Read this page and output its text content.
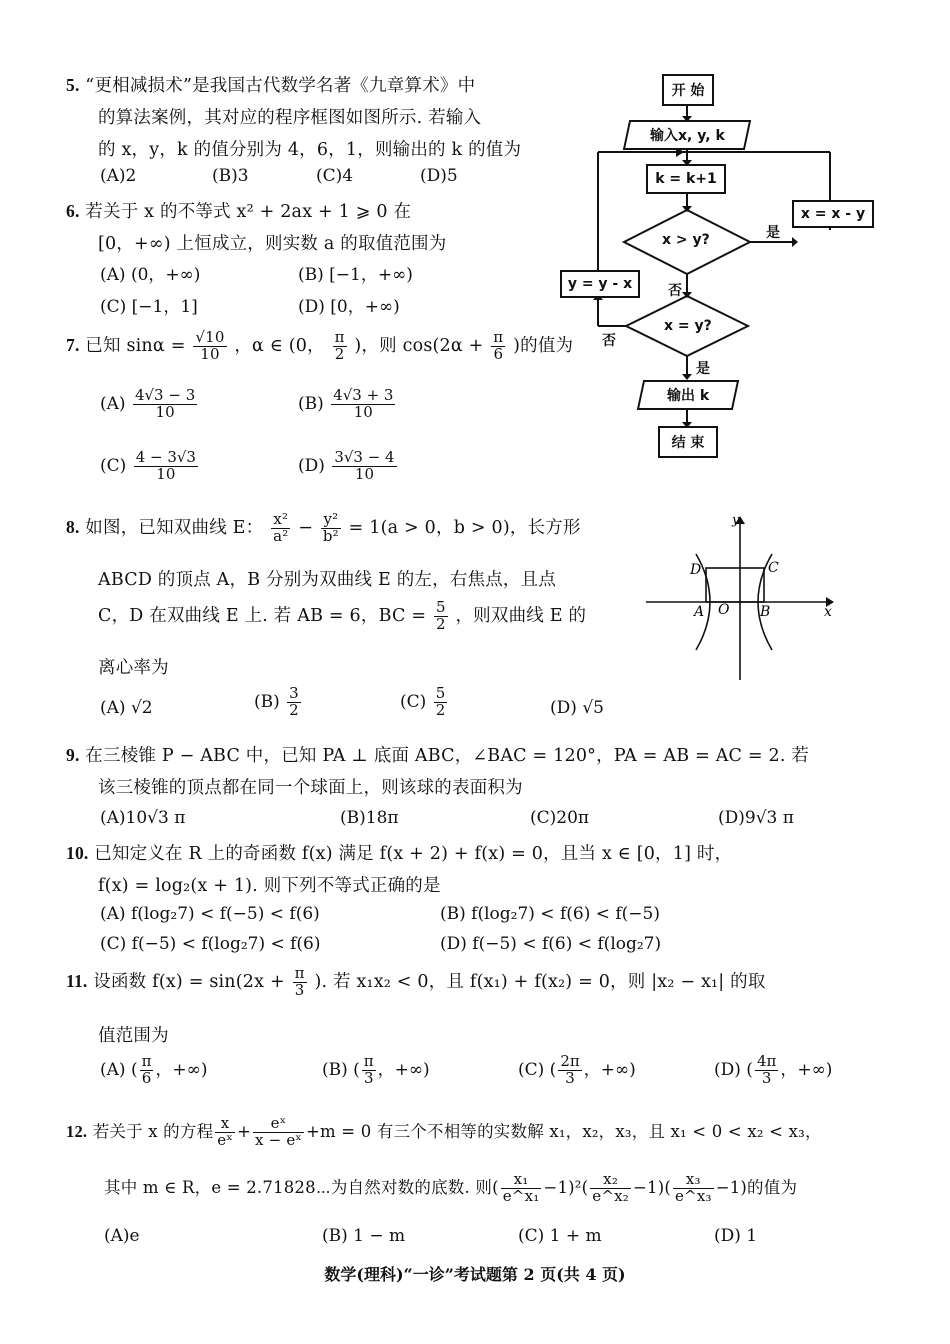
5. “更相减损术”是我国古代数学名著《九章算术》中
的算法案例，其对应的程序框图如图所示. 若输入
的 x，y，k 的值分别为 4，6，1，则输出的 k 的值为
(A)2	(B)3	(C)4	(D)5
开 始
输入x, y, k
k = k+1
x > y?
x = x - y
是
y = y - x	否
x = y?
否
是
输出 k
结 束
6. 若关于 x 的不等式 x² + 2ax + 1 ⩾ 0 在
[0，+∞) 上恒成立，则实数 a 的取值范围为
(A) (0，+∞)	(B) [−1，+∞)
(C) [−1，1]	(D) [0，+∞)
7. 已知 $\sin\alpha = \frac{√10}{10}$ ，α ∈ (0， $\frac{\pi}{2}$ )，则 $\cos(2\alpha + \frac{\pi}{6}$ )的值为
$(A) \frac{4√3 - 3}{10}$	$(B) \frac{4√3 + 3}{10}$
$(C) \frac{4 - 3√3}{10}$	$(D) \frac{3√3 - 4}{10}$
8. 如图，已知双曲线 E： $\frac{\text{x²}}{\text{a²}} - \frac{\text{y²}}{\text{b²}} = 1(a > 0$，b > 0)，长方形
ABCD 的顶点 A，B 分别为双曲线 E 的左，右焦点，且点
C，D 在双曲线 E 上. 若 AB = 6，BC = $\frac{5}{2}$ ，则双曲线 E 的
离心率为
(A) √2	$(B) \frac{3}{2}$	$(C) \frac{5}{2}$	(D) √5
y
x
A O B
C
D
9. 在三棱锥 P − ABC 中，已知 PA ⊥ 底面 ABC，∠BAC = 120°，PA = AB = AC = 2. 若
该三棱锥的顶点都在同一个球面上，则该球的表面积为
(A)10√3 π	(B)18π	(C)20π	(D)9√3 π
10. 已知定义在 R 上的奇函数 f(x) 满足 f(x + 2) + f(x) = 0，且当 x ∈ [0，1] 时，
f(x) = log₂(x + 1). 则下列不等式正确的是
(A) f(log₂7) < f(−5) < f(6)	(B) f(log₂7) < f(6) < f(−5)
(C) f(−5) < f(log₂7) < f(6)	(D) f(−5) < f(6) < f(log₂7)
11. 设函数 $f(x) = \sin(2x + \frac{\pi}{3}$ ). 若 x₁x₂ < 0，且 f(x₁) + f(x₂) = 0，则 |x₂ − x₁| 的取
值范围为
(A) ( $\frac{\pi}{6}$ ，+∞)	(B) ( $\frac{\pi}{3}$ ，+∞)	(C) ( $\frac{2\pi}{3}$ ，+∞)	(D) ( $\frac{4\pi}{3}$ ，+∞)
12. 若关于 x 的方程 $\frac{x}{\text{eˣ}} + \frac{\text{eˣ}}{\text{x − eˣ}} +m = 0$ 有三个不相等的实数解 x₁，x₂，x₃，且 x₁ < 0 < x₂ < x₃，
其中 m ∈ R，e = 2.71828⋯为自然对数的底数. 则( $\frac{\text{x₁}}{\text{e\textasciicircum{}x₁}} -1)^2( \frac{\text{x₂}}{\text{e\textasciicircum{}x₂}} -1)( \frac{\text{x₃}}{\text{e\textasciicircum{}x₃}} -1)$的值为
(A)e	(B) 1 − m	(C) 1 + m	(D) 1
数学(理科)“一诊”考试题第 2 页(共 4 页)
